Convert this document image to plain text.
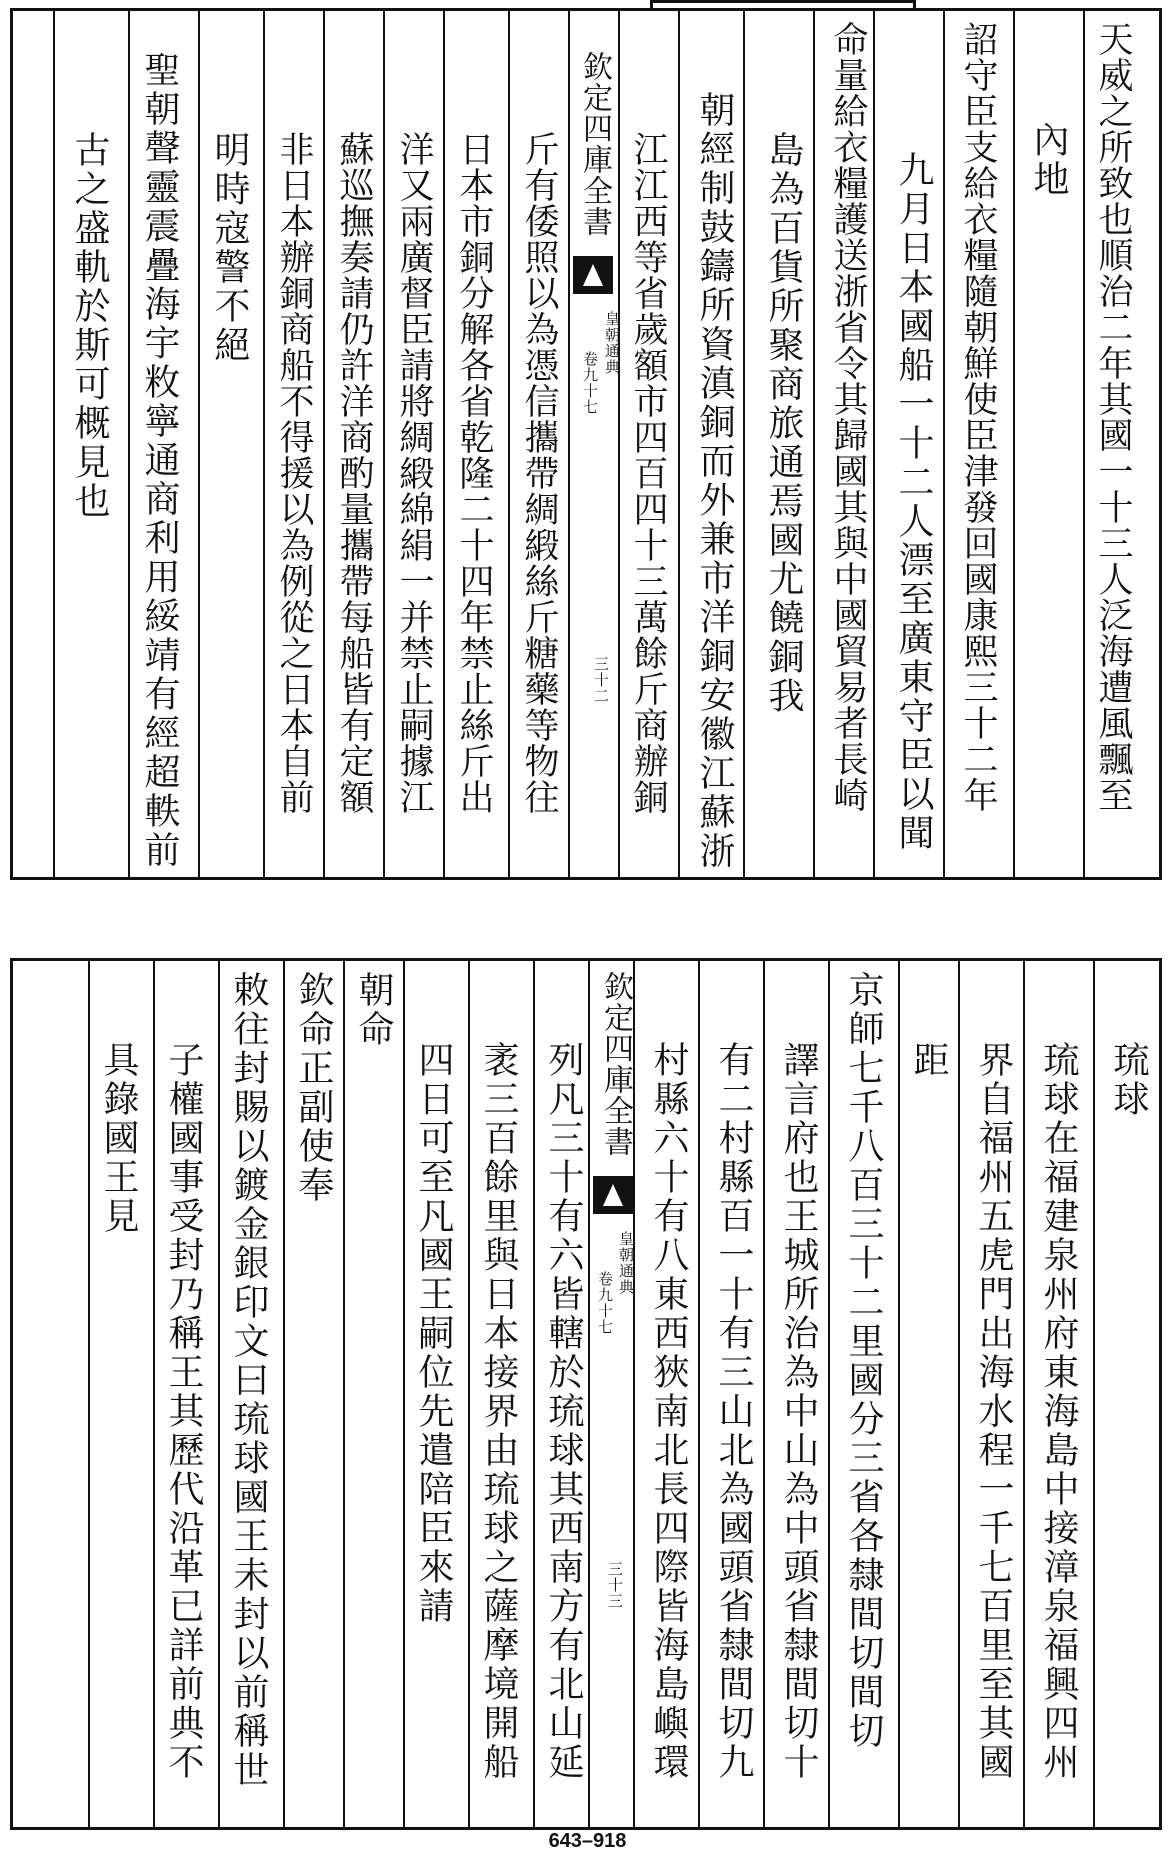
天威之所致也順治二年其國一十三人泛海遭風飄至
內地
詔守臣支給衣糧隨朝鮮使臣津發回國康熙三十二年
九月日本國船一十二人漂至廣東守臣以聞
命量給衣糧護送浙省令其歸國其與中國貿易者長崎
島為百貨所聚商旅通焉國尤饒銅我
朝經制鼓鑄所資滇銅而外兼市洋銅安徽江蘇浙
江江西等省歲額市四百四十三萬餘斤商辦銅
欽定四庫全書
皇朝通典
卷九十七
三十二
斤有倭照以為憑信攜帶綢緞絲斤糖藥等物往
日本市銅分解各省乾隆二十四年禁止絲斤出
洋又兩廣督臣請將綢緞綿絹一并禁止嗣據江
蘇巡撫奏請仍許洋商酌量攜帶每船皆有定額
非日本辦銅商船不得援以為例從之日本自前
明時寇警不絕
聖朝聲靈震疊海宇敉寧通商利用綏靖有經超軼前
古之盛軌於斯可概見也
琉球
琉球在福建泉州府東海島中接漳泉福興四州
界自福州五虎門出海水程一千七百里至其國
距
京師七千八百三十二里國分三省各隸間切間切
譯言府也王城所治為中山為中頭省隸間切十
有二村縣百一十有三山北為國頭省隸間切九
村縣六十有八東西狹南北長四際皆海島嶼環
欽定四庫全書
皇朝通典
卷九十七
三十三
列凡三十有六皆轄於琉球其西南方有北山延
袤三百餘里與日本接界由琉球之薩摩境開船
四日可至凡國王嗣位先遣陪臣來請
朝命
欽命正副使奉
敕往封賜以鍍金銀印文曰琉球國王未封以前稱世
子權國事受封乃稱王其歷代沿革已詳前典不
具錄國王見
643–918
